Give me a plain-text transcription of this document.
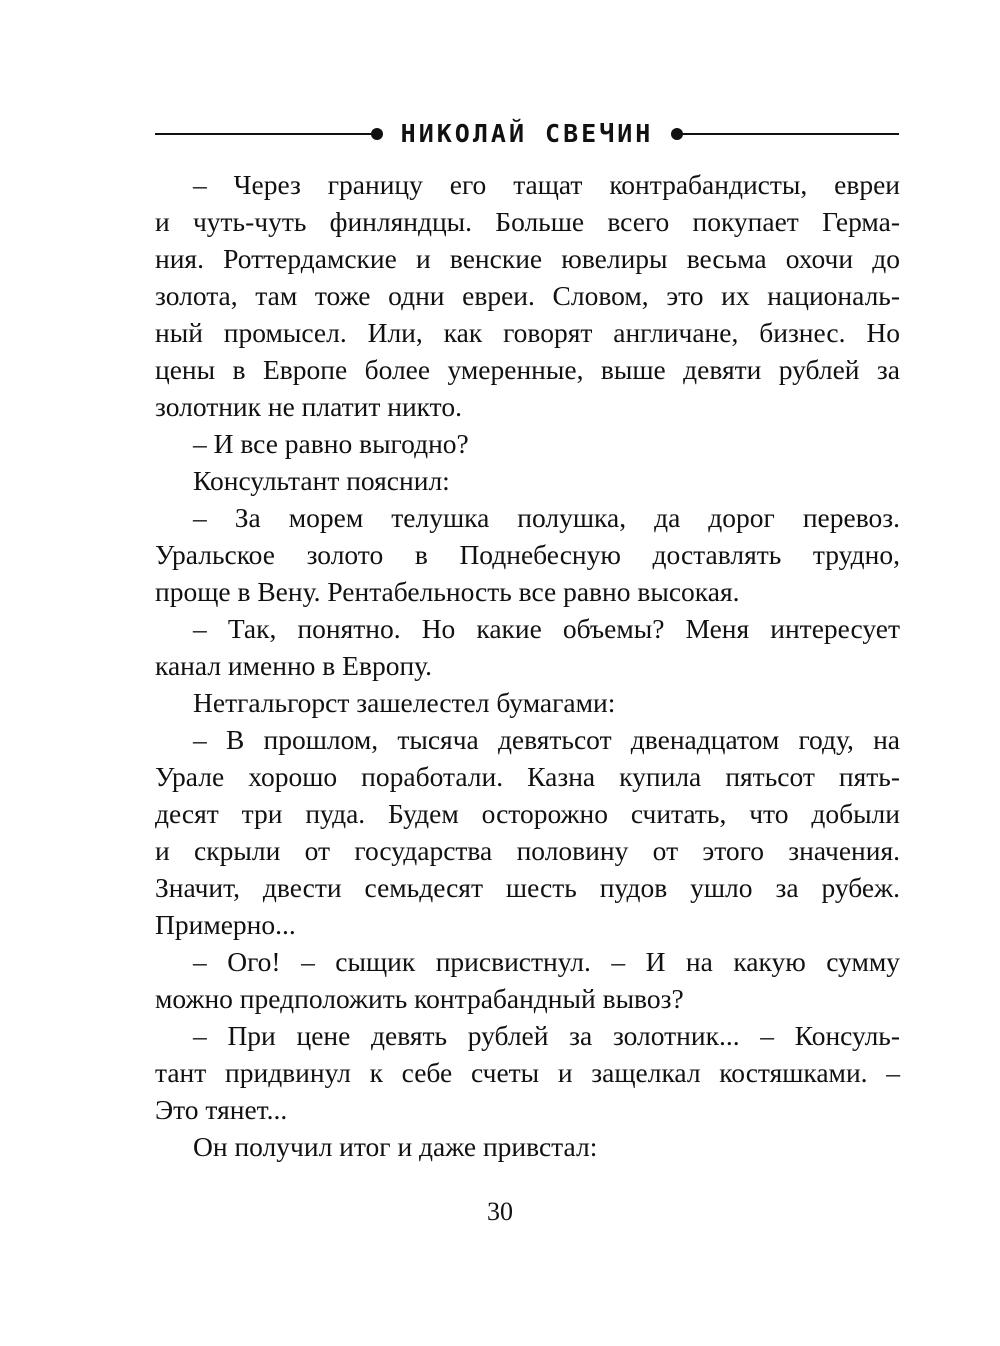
НИКОЛАЙ СВЕЧИН
– Через границу его тащат контрабандисты, евреи
и чуть-чуть финляндцы. Больше всего покупает Герма-
ния. Роттердамские и венские ювелиры весьма охочи до
золота, там тоже одни евреи. Словом, это их националь-
ный промысел. Или, как говорят англичане, бизнес. Но
цены в Европе более умеренные, выше девяти рублей за
золотник не платит никто.
– И все равно выгодно?
Консультант пояснил:
– За морем телушка полушка, да дорог перевоз.
Уральское золото в Поднебесную доставлять трудно,
проще в Вену. Рентабельность все равно высокая.
– Так, понятно. Но какие объемы? Меня интересует
канал именно в Европу.
Нетгальгорст зашелестел бумагами:
– В прошлом, тысяча девятьсот двенадцатом году, на
Урале хорошо поработали. Казна купила пятьсот пять-
десят три пуда. Будем осторожно считать, что добыли
и скрыли от государства половину от этого значения.
Значит, двести семьдесят шесть пудов ушло за рубеж.
Примерно...
– Ого! – сыщик присвистнул. – И на какую сумму
можно предположить контрабандный вывоз?
– При цене девять рублей за золотник... – Консуль-
тант придвинул к себе счеты и защелкал костяшками. –
Это тянет...
Он получил итог и даже привстал:
30
